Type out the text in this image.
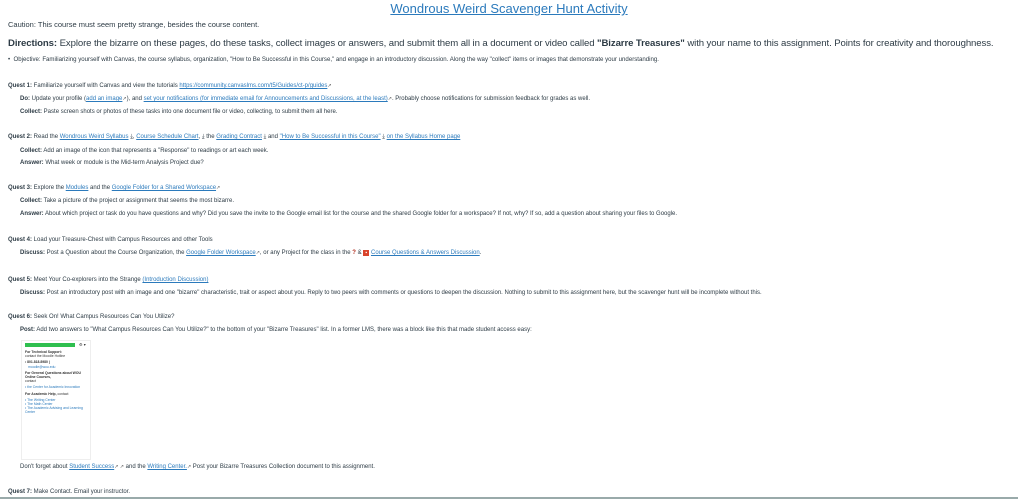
Wondrous Weird Scavenger Hunt Activity
Caution: This course must seem pretty strange, besides the course content.
Directions: Explore the bizarre on these pages, do these tasks, collect images or answers, and submit them all in a document or video called "Bizarre Treasures" with your name to this assignment. Points for creativity and thoroughness.
•  Objective: Familiarizing yourself with Canvas, the course syllabus, organization, "How to Be Successful in this Course," and engage in an introductory discussion. Along the way "collect" items or images that demonstrate your understanding.
Quest 1: Familiarize yourself with Canvas and view the tutorials https://community.canvaslms.com/t5/Guides/ct-p/guides↗
Do: Update your profile (add an image↗), and set your notifications (for immediate email for Announcements and Discussions, at the least)↗. Probably choose notifications for submission feedback for grades as well.
Collect: Paste screen shots or photos of these tasks into one document file or video, collecting, to submit them all here.
Quest 2: Read the Wondrous Weird Syllabus ⤓, Course Schedule Chart, ⤓ the Grading Contract ⤓ and "How to Be Successful in this Course" ⤓ on the Syllabus Home page
Collect: Add an image of the icon that represents a "Response" to readings or art each week.
Answer: What week or module is the Mid-term Analysis Project due?
Quest 3: Explore the Modules and the Google Folder for a Shared Workspace↗
Collect: Take a picture of the project or assignment that seems the most bizarre.
Answer: About which project or task do you have questions and why? Did you save the invite to the Google email list for the course and the shared Google folder for a workspace? If not, why? If so, add a question about sharing your files to Google.
Quest 4: Load your Treasure-Chest with Campus Resources and other Tools
Discuss: Post a Question about the Course Organization, the Google Folder Workspace↗, or any Project for the class in the ? & ▪ Course Questions & Answers Discussion.
Quest 5: Meet Your Co-explorers into the Strange (Introduction Discussion)
Discuss: Post an introductory post with an image and one "bizarre" characteristic, trait or aspect about you. Reply to two peers with comments or questions to deepen the discussion. Nothing to submit to this assignment here, but the scavenger hunt will be incomplete without this.
Quest 6: Seek On! What Campus Resources Can You Utilize?
Post: Add two answers to "What Campus Resources Can You Utilize?" to the bottom of your "Bizarre Treasures" list. In a former LMS, there was a block like this that made student access easy:
⚙ ▾
For Technical Support:
contact the Moodle Hotline
• 801.818.8980 |
moodle@wou.edu
For General Questions about WOU Online Courses,
contact
• the Center for Academic Innovation
For Academic Help, contact
• The Writing Center
• The Math Center
• The Academic Advising and Learning Center
Don't forget about Student Success↗ ↗ and the Writing Center.↗ Post your Bizarre Treasures Collection document to this assignment.
Quest 7: Make Contact. Email your instructor.
